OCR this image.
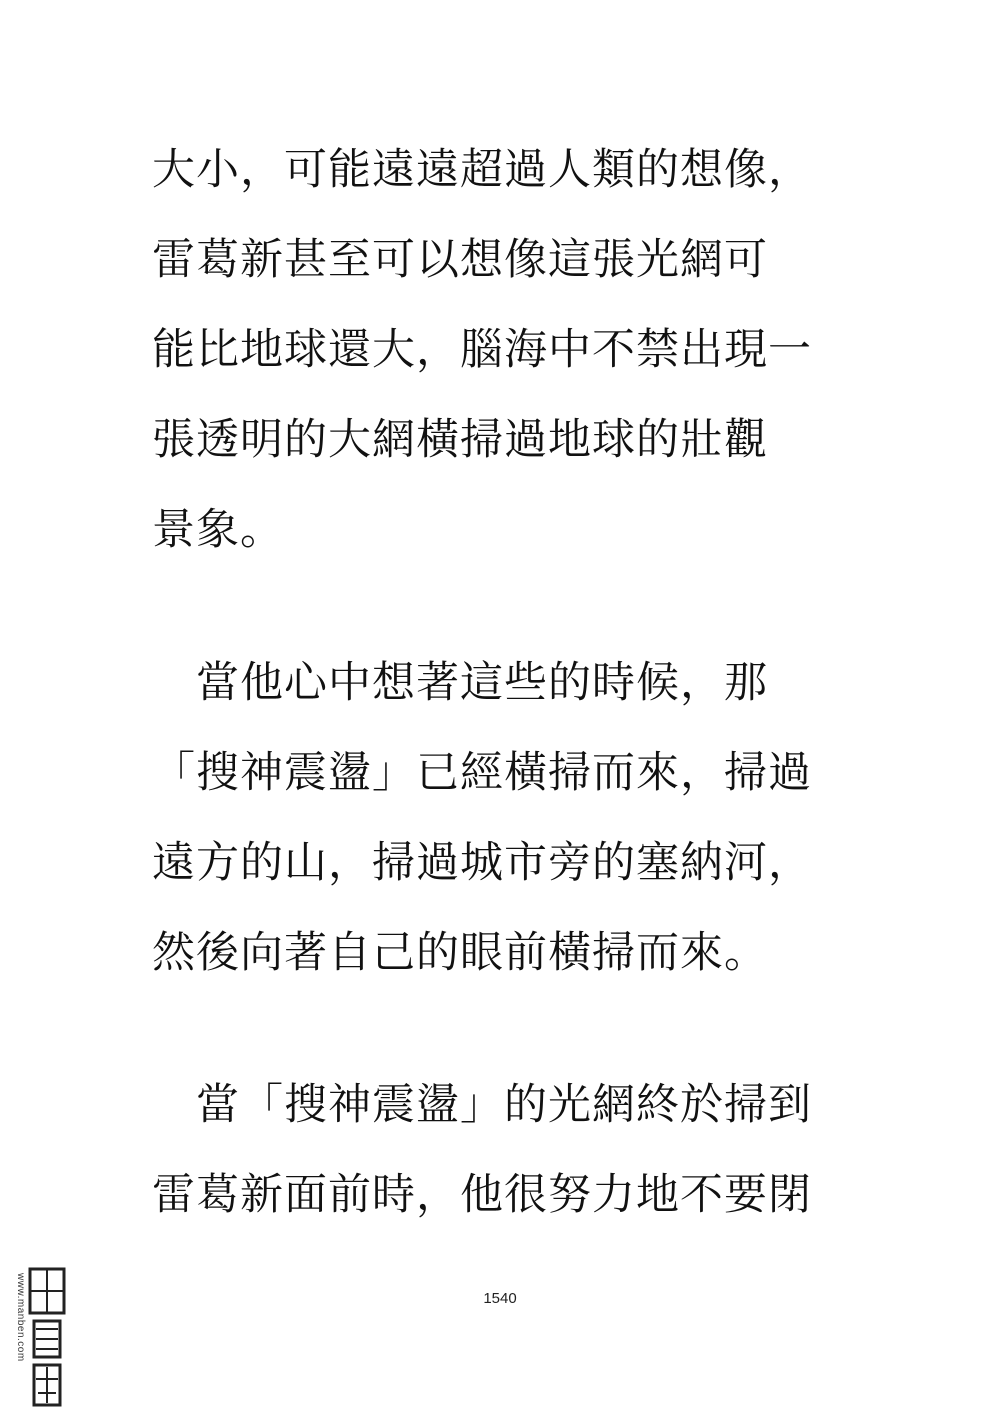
大小，可能遠遠超過人類的想像，
雷葛新甚至可以想像這張光網可
能比地球還大，腦海中不禁出現一
張透明的大網橫掃過地球的壯觀
景象。
　當他心中想著這些的時候，那
「搜神震盪」已經橫掃而來，掃過
遠方的山，掃過城市旁的塞納河，
然後向著自己的眼前橫掃而來。
　當「搜神震盪」的光網終於掃到
雷葛新面前時，他很努力地不要閉
1540
www.manben.com
